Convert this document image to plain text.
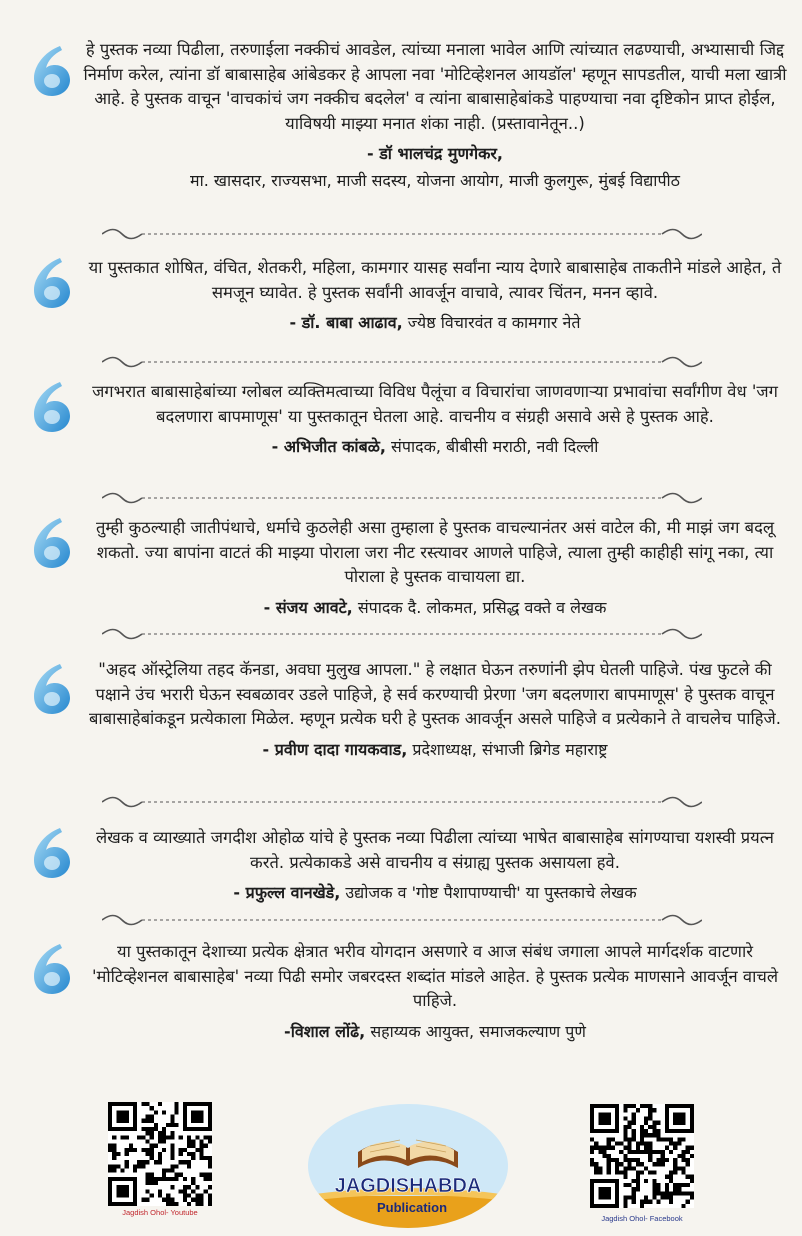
हे पुस्तक नव्या पिढीला, तरुणाईला नक्कीचं आवडेल, त्यांच्या मनाला भावेल आणि त्यांच्यात लढण्याची, अभ्यासाची जिद्द निर्माण करेल, त्यांना डॉ बाबासाहेब आंबेडकर हे आपला नवा 'मोटिव्हेशनल आयडॉल' म्हणून सापडतील, याची मला खात्री आहे. हे पुस्तक वाचून 'वाचकांचं जग नक्कीच बदलेल' व त्यांना बाबासाहेबांकडे पाहण्याचा नवा दृष्टिकोन प्राप्त होईल, याविषयी माझ्या मनात शंका नाही. (प्रस्तावानेतून..)

- डॉ भालचंद्र मुणगेकर,

मा. खासदार, राज्यसभा, माजी सदस्य, योजना आयोग, माजी कुलगुरू, मुंबई विद्यापीठ

या पुस्तकात शोषित, वंचित, शेतकरी, महिला, कामगार यासह सर्वांना न्याय देणारे बाबासाहेब ताकतीने मांडले आहेत, ते समजून घ्यावेत. हे पुस्तक सर्वांनी आवर्जून वाचावे, त्यावर चिंतन, मनन व्हावे.

- डॉ. बाबा आढाव, ज्येष्ठ विचारवंत व कामगार नेते

जगभरात बाबासाहेबांच्या ग्लोबल व्यक्तिमत्वाच्या विविध पैलूंचा व विचारांचा जाणवणाऱ्या प्रभावांचा सर्वांगीण वेध 'जग बदलणारा बापमाणूस' या पुस्तकातून घेतला आहे. वाचनीय व संग्रही असावे असे हे पुस्तक आहे.

- अभिजीत कांबळे, संपादक, बीबीसी मराठी, नवी दिल्ली

तुम्ही कुठल्याही जातीपंथाचे, धर्माचे कुठलेही असा तुम्हाला हे पुस्तक वाचल्यानंतर असं वाटेल की, मी माझं जग बदलू शकतो. ज्या बापांना वाटतं की माझ्या पोराला जरा नीट रस्त्यावर आणले पाहिजे, त्याला तुम्ही काहीही सांगू नका, त्या पोराला हे पुस्तक वाचायला द्या.

- संजय आवटे, संपादक दै. लोकमत, प्रसिद्ध वक्ते व लेखक

"अहद ऑस्ट्रेलिया तहद कॅनडा, अवघा मुलुख आपला." हे लक्षात घेऊन तरुणांनी झेप घेतली पाहिजे. पंख फुटले की पक्षाने उंच भरारी घेऊन स्वबळावर उडले पाहिजे, हे सर्व करण्याची प्रेरणा 'जग बदलणारा बापमाणूस' हे पुस्तक वाचून बाबासाहेबांकडून प्रत्येकाला मिळेल. म्हणून प्रत्येक घरी हे पुस्तक आवर्जून असले पाहिजे व प्रत्येकाने ते वाचलेच पाहिजे.

- प्रवीण दादा गायकवाड, प्रदेशाध्यक्ष, संभाजी ब्रिगेड महाराष्ट्र

लेखक व व्याख्याते जगदीश ओहोळ यांचे हे पुस्तक नव्या पिढीला त्यांच्या भाषेत बाबासाहेब सांगण्याचा यशस्वी प्रयत्न करते. प्रत्येकाकडे असे वाचनीय व संग्राह्य पुस्तक असायला हवे.

- प्रफुल्ल वानखेडे, उद्योजक व 'गोष्ट पैशापाण्याची' या पुस्तकाचे लेखक

या पुस्तकातून देशाच्या प्रत्येक क्षेत्रात भरीव योगदान असणारे व आज संबंध जगाला आपले मार्गदर्शक वाटणारे 'मोटिव्हेशनल बाबासाहेब' नव्या पिढी समोर जबरदस्त शब्दांत मांडले आहेत. हे पुस्तक प्रत्येक माणसाने आवर्जून वाचले पाहिजे.

-विशाल लोंढे, सहाय्यक आयुक्त, समाजकल्याण पुणे

Jagdish Ohol- Youtube
JAGDISHABDA
Publication
Jagdish Ohol- Facebook
